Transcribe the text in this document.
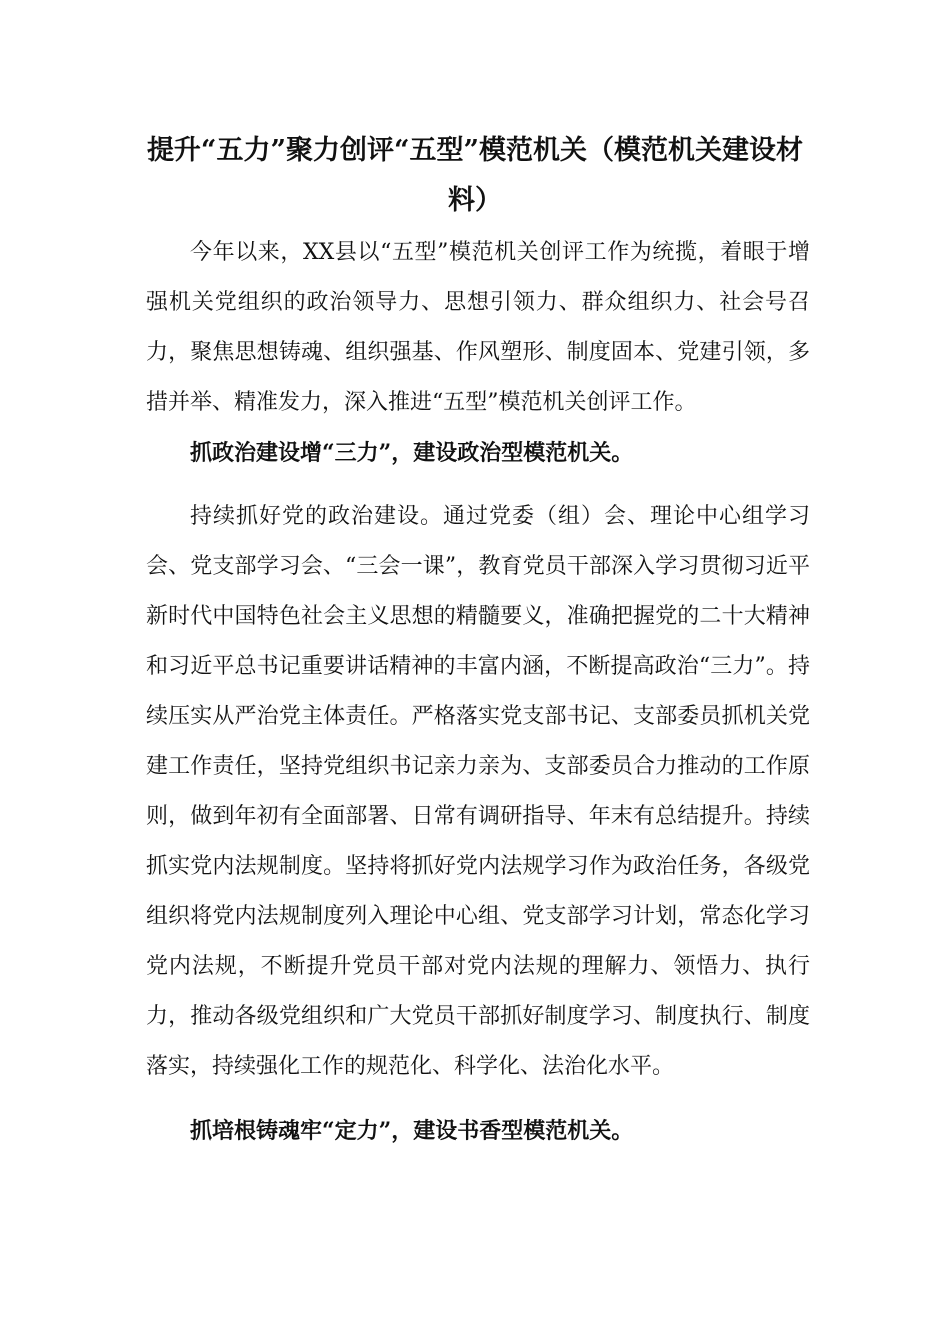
提升“五力”聚力创评“五型”模范机关（模范机关建设材料）

今年以来，XX县以“五型”模范机关创评工作为统揽，着眼于增强机关党组织的政治领导力、思想引领力、群众组织力、社会号召力，聚焦思想铸魂、组织强基、作风塑形、制度固本、党建引领，多措并举、精准发力，深入推进“五型”模范机关创评工作。

抓政治建设增“三力”，建设政治型模范机关。

持续抓好党的政治建设。通过党委（组）会、理论中心组学习会、党支部学习会、“三会一课”，教育党员干部深入学习贯彻习近平新时代中国特色社会主义思想的精髓要义，准确把握党的二十大精神和习近平总书记重要讲话精神的丰富内涵，不断提高政治“三力”。持续压实从严治党主体责任。严格落实党支部书记、支部委员抓机关党建工作责任，坚持党组织书记亲力亲为、支部委员合力推动的工作原则，做到年初有全面部署、日常有调研指导、年末有总结提升。持续抓实党内法规制度。坚持将抓好党内法规学习作为政治任务，各级党组织将党内法规制度列入理论中心组、党支部学习计划，常态化学习党内法规，不断提升党员干部对党内法规的理解力、领悟力、执行力，推动各级党组织和广大党员干部抓好制度学习、制度执行、制度落实，持续强化工作的规范化、科学化、法治化水平。

抓培根铸魂牢“定力”，建设书香型模范机关。
